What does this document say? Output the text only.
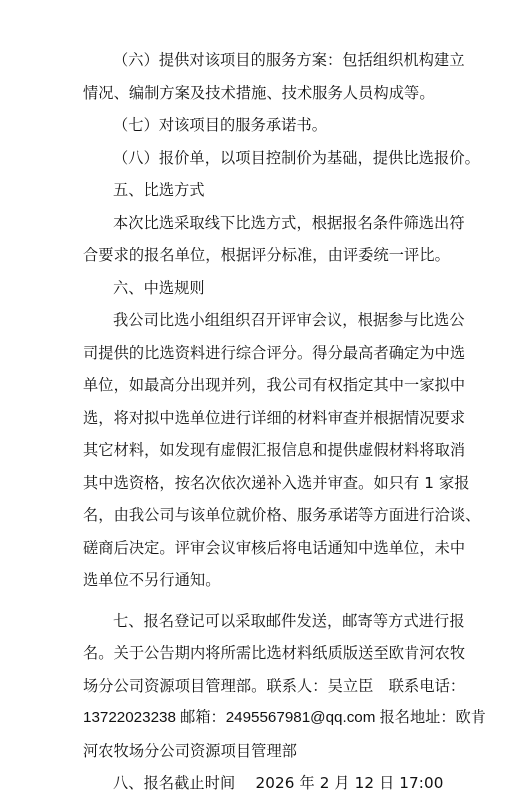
（六）提供对该项目的服务方案：包括组织机构建立
情况、编制方案及技术措施、技术服务人员构成等。
（七）对该项目的服务承诺书。
（八）报价单，以项目控制价为基础，提供比选报价。
五、比选方式
本次比选采取线下比选方式，根据报名条件筛选出符
合要求的报名单位，根据评分标准，由评委统一评比。
六、中选规则
我公司比选小组组织召开评审会议，根据参与比选公
司提供的比选资料进行综合评分。得分最高者确定为中选
单位，如最高分出现并列，我公司有权指定其中一家拟中
选，将对拟中选单位进行详细的材料审查并根据情况要求
其它材料，如发现有虚假汇报信息和提供虚假材料将取消
其中选资格，按名次依次递补入选并审查。如只有 1 家报
名，由我公司与该单位就价格、服务承诺等方面进行洽谈、
磋商后决定。评审会议审核后将电话通知中选单位，未中
选单位不另行通知。
七、报名登记可以采取邮件发送，邮寄等方式进行报
名。关于公告期内将所需比选材料纸质版送至欧肯河农牧
场分公司资源项目管理部。联系人：吴立臣　联系电话：
13722023238 邮箱：2495567981@qq.com 报名地址：欧肯
河农牧场分公司资源项目管理部
八、报名截止时间　 2026 年 2 月 12 日 17:00
